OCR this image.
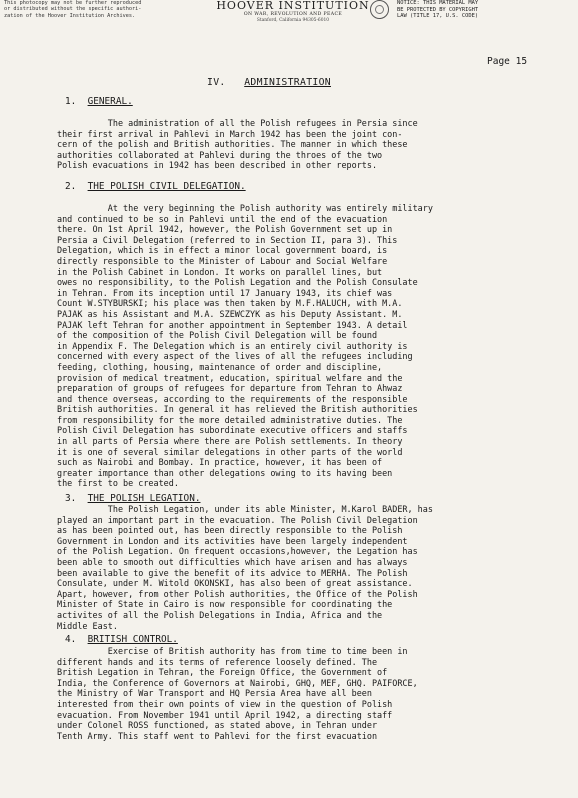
This photocopy may not be further reproduced
or distributed without the specific authori-
zation of the Hoover Institution Archives.
HOOVER INSTITUTION
ON WAR, REVOLUTION AND PEACE
Stanford, California 94305-6010
NOTICE: THIS MATERIAL MAY
BE PROTECTED BY COPYRIGHT
LAW (TITLE 17, U.S. CODE)
Page 15
IV. ADMINISTRATION
1. GENERAL.
The administration of all the Polish refugees in Persia since
their first arrival in Pahlevi in March 1942 has been the joint con-
cern of the polish and British authorities. The manner in which these
authorities collaborated at Pahlevi during the throes of the two
Polish evacuations in 1942 has been described in other reports.
2. THE POLISH CIVIL DELEGATION.
At the very beginning the Polish authority was entirely military
and continued to be so in Pahlevi until the end of the evacuation
there. On 1st April 1942, however, the Polish Government set up in
Persia a Civil Delegation (referred to in Section II, para 3). This
Delegation, which is in effect a minor local government board, is
directly responsible to the Minister of Labour and Social Welfare
in the Polish Cabinet in London. It works on parallel lines, but
owes no responsibility, to the Polish Legation and the Polish Consulate
in Tehran. From its inception until 17 January 1943, its chief was
Count W.STYBURSKI; his place was then taken by M.F.HALUCH, with M.A.
PAJAK as his Assistant and M.A. SZEWCZYK as his Deputy Assistant. M.
PAJAK left Tehran for another appointment in September 1943. A detail
of the composition of the Polish Civil Delegation will be found
in Appendix F. The Delegation which is an entirely civil authority is
concerned with every aspect of the lives of all the refugees including
feeding, clothing, housing, maintenance of order and discipline,
provision of medical treatment, education, spiritual welfare and the
preparation of groups of refugees for departure from Tehran to Ahwaz
and thence overseas, according to the requirements of the responsible
British authorities. In general it has relieved the British authorities
from responsibility for the more detailed administrative duties. The
Polish Civil Delegation has subordinate executive officers and staffs
in all parts of Persia where there are Polish settlements. In theory
it is one of several similar delegations in other parts of the world
such as Nairobi and Bombay. In practice, however, it has been of
greater importance than other delegations owing to its having been
the first to be created.
3. THE POLISH LEGATION.
The Polish Legation, under its able Minister, M.Karol BADER, has
played an important part in the evacuation. The Polish Civil Delegation
as has been pointed out, has been directly responsible to the Polish
Government in London and its activities have been largely independent
of the Polish Legation. On frequent occasions,however, the Legation has
been able to smooth out difficulties which have arisen and has always
been available to give the benefit of its advice to MERHA. The Polish
Consulate, under M. Witold OKONSKI, has also been of great assistance.
Apart, however, from other Polish authorities, the Office of the Polish
Minister of State in Cairo is now responsible for coordinating the
activites of all the Polish Delegations in India, Africa and the
Middle East.
4. BRITISH CONTROL.
Exercise of British authority has from time to time been in
different hands and its terms of reference loosely defined. The
British Legation in Tehran, the Foreign Office, the Government of
India, the Conference of Governors at Nairobi, GHQ, MEF, GHQ. PAIFORCE,
the Ministry of War Transport and HQ Persia Area have all been
interested from their own points of view in the question of Polish
evacuation. From November 1941 until April 1942, a directing staff
under Colonel ROSS functioned, as stated above, in Tehran under
Tenth Army. This staff went to Pahlevi for the first evacuation
